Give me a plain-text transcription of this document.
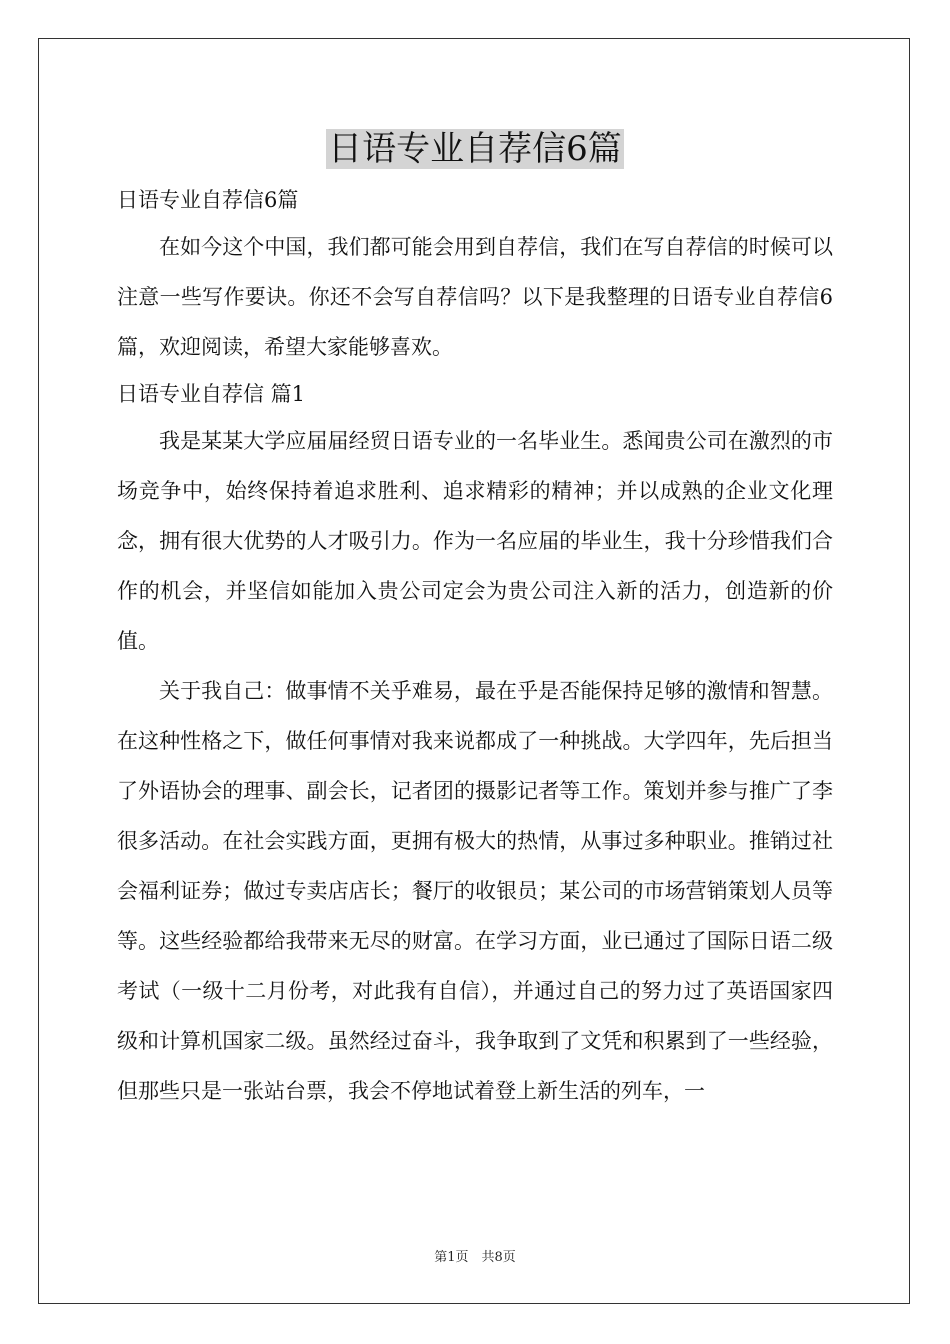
日语专业自荐信6篇

日语专业自荐信6篇

在如今这个中国，我们都可能会用到自荐信，我们在写自荐信的时候可以注意一些写作要诀。你还不会写自荐信吗？以下是我整理的日语专业自荐信6篇，欢迎阅读，希望大家能够喜欢。

日语专业自荐信 篇1

我是某某大学应届届经贸日语专业的一名毕业生。悉闻贵公司在激烈的市场竞争中，始终保持着追求胜利、追求精彩的精神；并以成熟的企业文化理念，拥有很大优势的人才吸引力。作为一名应届的毕业生，我十分珍惜我们合作的机会，并坚信如能加入贵公司定会为贵公司注入新的活力，创造新的价值。

关于我自己：做事情不关乎难易，最在乎是否能保持足够的激情和智慧。在这种性格之下，做任何事情对我来说都成了一种挑战。大学四年，先后担当了外语协会的理事、副会长，记者团的摄影记者等工作。策划并参与推广了李很多活动。在社会实践方面，更拥有极大的热情，从事过多种职业。推销过社会福利证券；做过专卖店店长；餐厅的收银员；某公司的市场营销策划人员等等。这些经验都给我带来无尽的财富。在学习方面，业已通过了国际日语二级考试（一级十二月份考，对此我有自信），并通过自己的努力过了英语国家四级和计算机国家二级。虽然经过奋斗，我争取到了文凭和积累到了一些经验，但那些只是一张站台票，我会不停地试着登上新生活的列车，一

第1页　共8页
